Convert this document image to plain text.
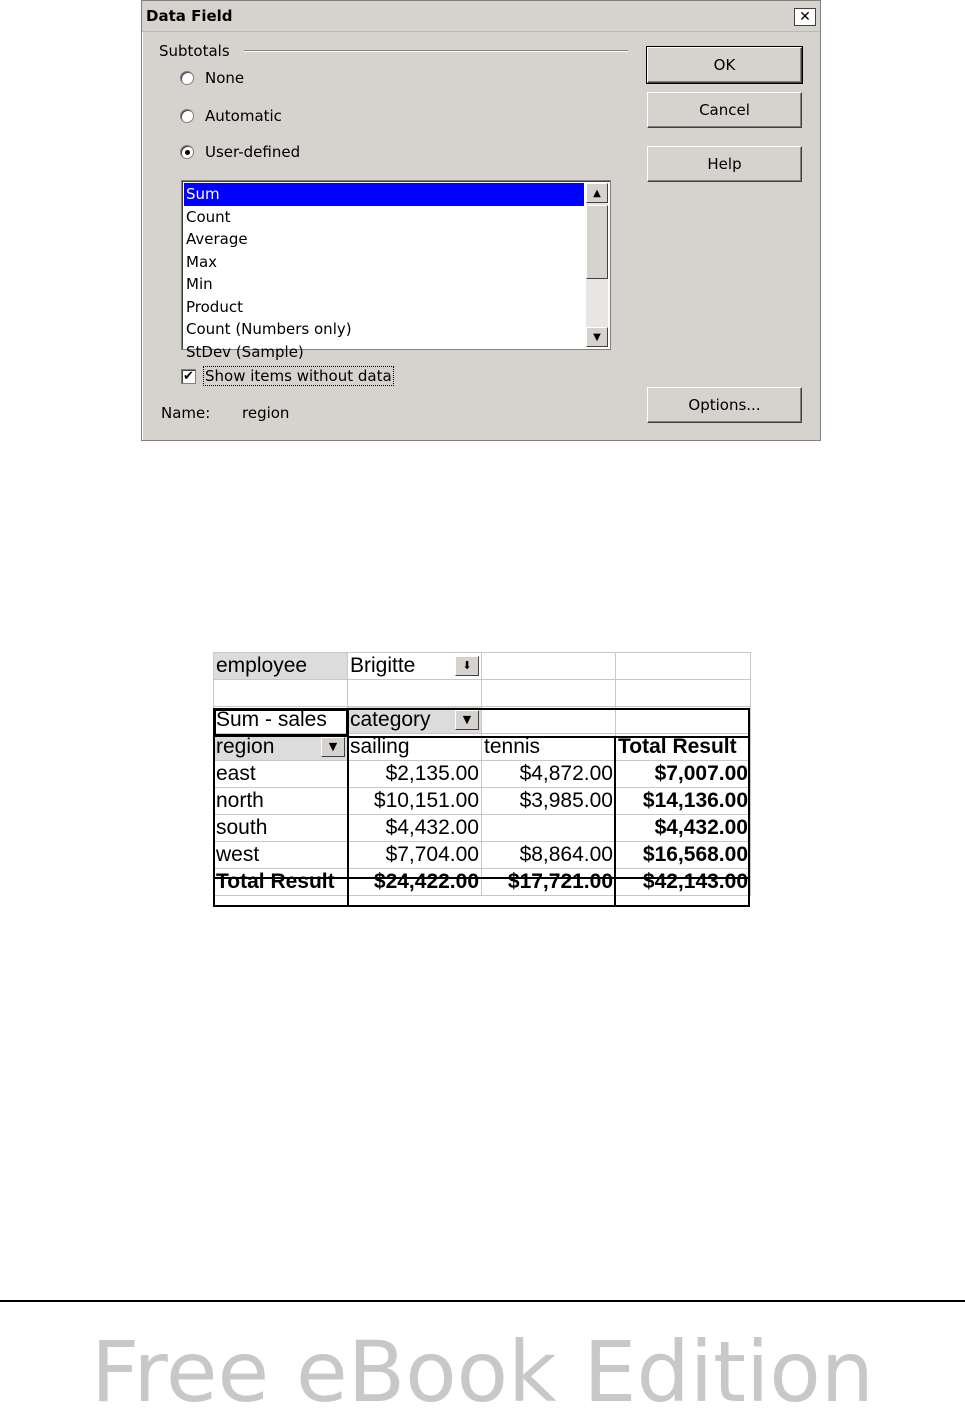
Data Field	✕
Subtotals
None
Automatic
User-defined
Sum
Count
Average
Max
Min
Product
Count (Numbers only)
StDev (Sample)
▲
▼
✔ Show items without data
Name: region
OK
Cancel
Help
Options...
employee	Brigitte ⬇		

Sum - sales	category ▼		

region ▼	sailing	tennis	Total Result
east	$2,135.00	$4,872.00	$7,007.00
north	$10,151.00	$3,985.00	$14,136.00
south	$4,432.00		$4,432.00
west	$7,704.00	$8,864.00	$16,568.00
Total Result	$24,422.00	$17,721.00	$42,143.00
Free eBook Edition
